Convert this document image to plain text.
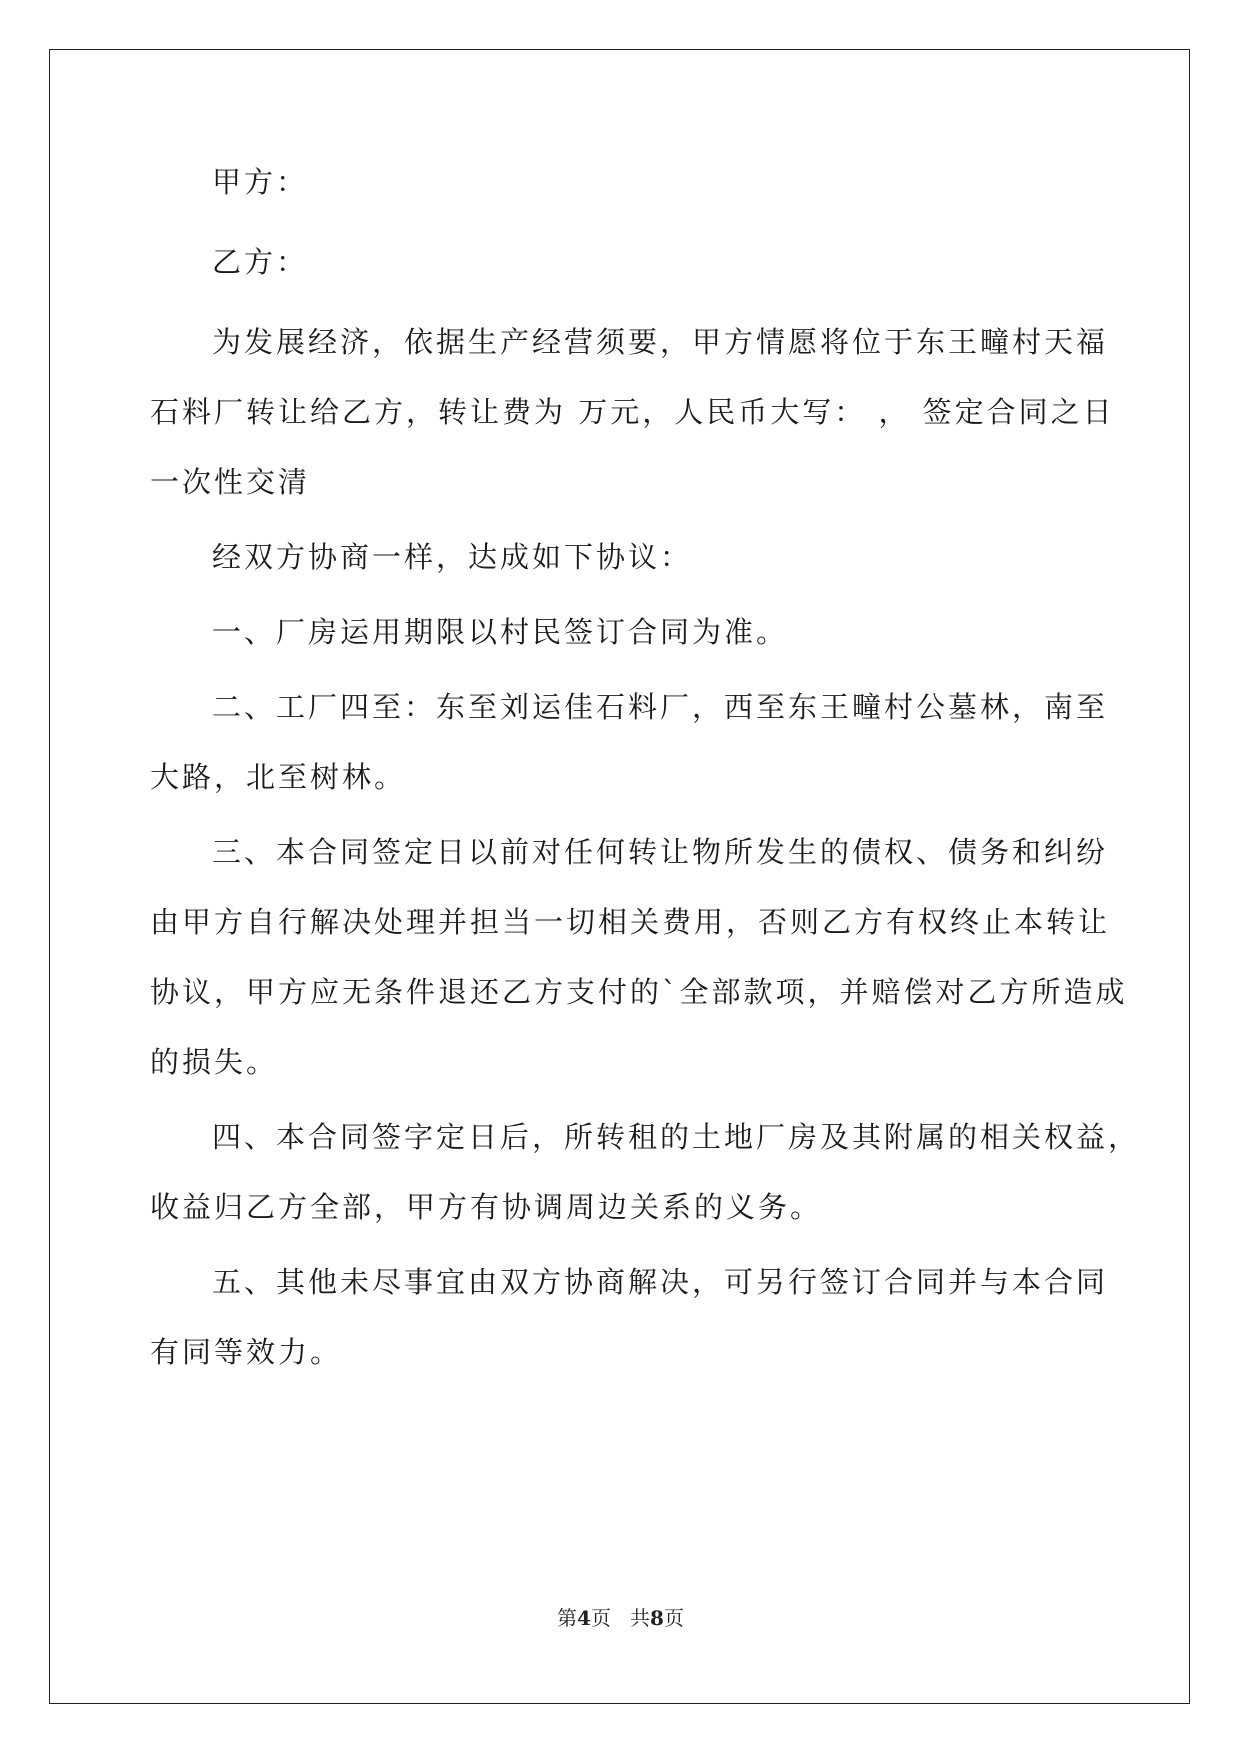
甲方：
乙方：
为发展经济，依据生产经营须要，甲方情愿将位于东王疃村天福
石料厂转让给乙方，转让费为 万元，人民币大写： ， 签定合同之日
一次性交清
经双方协商一样，达成如下协议：
一、厂房运用期限以村民签订合同为准。
二、工厂四至：东至刘运佳石料厂，西至东王疃村公墓林，南至
大路，北至树林。
三、本合同签定日以前对任何转让物所发生的债权、债务和纠纷
由甲方自行解决处理并担当一切相关费用，否则乙方有权终止本转让
协议，甲方应无条件退还乙方支付的`全部款项，并赔偿对乙方所造成
的损失。
四、本合同签字定日后，所转租的土地厂房及其附属的相关权益，
收益归乙方全部，甲方有协调周边关系的义务。
五、其他未尽事宜由双方协商解决，可另行签订合同并与本合同
有同等效力。
第4页   共8页
